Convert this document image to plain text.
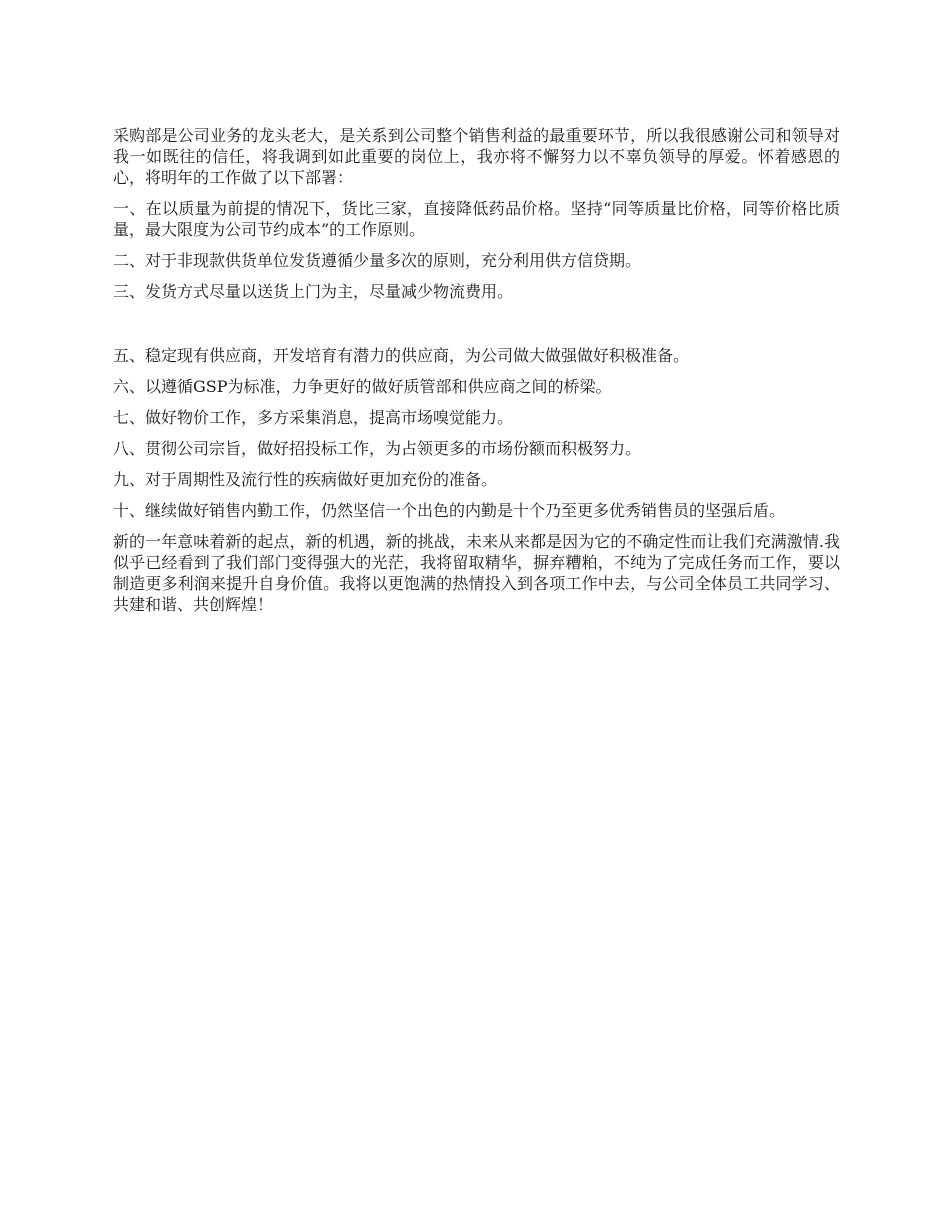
采购部是公司业务的龙头老大，是关系到公司整个销售利益的最重要环节，所以我很感谢公司和领导对我一如既往的信任，将我调到如此重要的岗位上，我亦将不懈努力以不辜负领导的厚爱。怀着感恩的心，将明年的工作做了以下部署：

一、在以质量为前提的情况下，货比三家，直接降低药品价格。坚持“同等质量比价格，同等价格比质量，最大限度为公司节约成本”的工作原则。

二、对于非现款供货单位发货遵循少量多次的原则，充分利用供方信贷期。

三、发货方式尽量以送货上门为主，尽量减少物流费用。

五、稳定现有供应商，开发培育有潜力的供应商，为公司做大做强做好积极准备。

六、以遵循GSP为标准，力争更好的做好质管部和供应商之间的桥梁。

七、做好物价工作，多方采集消息，提高市场嗅觉能力。

八、贯彻公司宗旨，做好招投标工作，为占领更多的市场份额而积极努力。

九、对于周期性及流行性的疾病做好更加充份的准备。

十、继续做好销售内勤工作，仍然坚信一个出色的内勤是十个乃至更多优秀销售员的坚强后盾。

新的一年意味着新的起点，新的机遇，新的挑战，未来从来都是因为它的不确定性而让我们充满激情.我似乎已经看到了我们部门变得强大的光茫，我将留取精华，摒弃糟粕，不纯为了完成任务而工作，要以制造更多利润来提升自身价值。我将以更饱满的热情投入到各项工作中去，与公司全体员工共同学习、共建和谐、共创辉煌！
